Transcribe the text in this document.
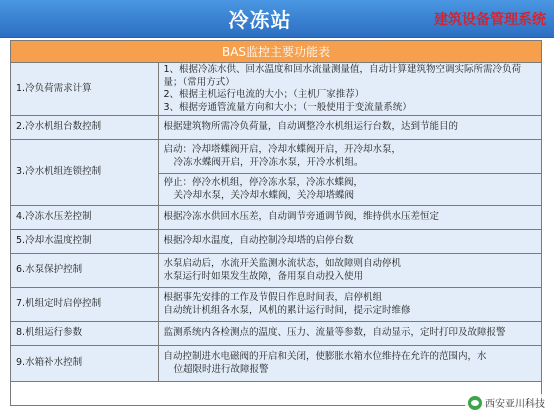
冷冻站	建筑设备管理系统
BAS监控主要功能表
1.冷负荷需求计算	1、根据冷冻水供、回水温度和回水流量测量值，自动计算建筑物空调实际所需冷负荷量；（常用方式）
2、根据主机运行电流的大小；（主机厂家推荐）
3、根据旁通管流量方向和大小；（一般使用于变流量系统）

2.冷水机组台数控制	根据建筑物所需冷负荷量，自动调整冷水机组运行台数，达到节能目的
3.冷水机组连锁控制	启动：冷却塔蝶阀开启，冷却水蝶阀开启，开冷却水泵，
冷冻水蝶阀开启，开冷冻水泵，开冷水机组。

	停止：停冷水机组，停冷冻水泵，冷冻水蝶阀，
关冷却水泵，关冷却水蝶阀，关冷却塔蝶阀

4.冷冻水压差控制	根据冷冻水供回水压差，自动调节旁通调节阀，维持供水压差恒定
5.冷却水温度控制	根据冷却水温度，自动控制冷却塔的启停台数
6.水泵保护控制	水泵启动后，水流开关监测水流状态，如故障则自动停机
水泵运行时如果发生故障，备用泵自动投入使用

7.机组定时启停控制	根据事先安排的工作及节假日作息时间表，启停机组
自动统计机组各水泵，风机的累计运行时间，提示定时维修

8.机组运行参数	监测系统内各检测点的温度、压力、流量等参数，自动显示，定时打印及故障报警
9.水箱补水控制	自动控制进水电磁阀的开启和关闭，使膨胀水箱水位维持在允许的范围内，水
位超限时进行故障报警
西安亚川科技
